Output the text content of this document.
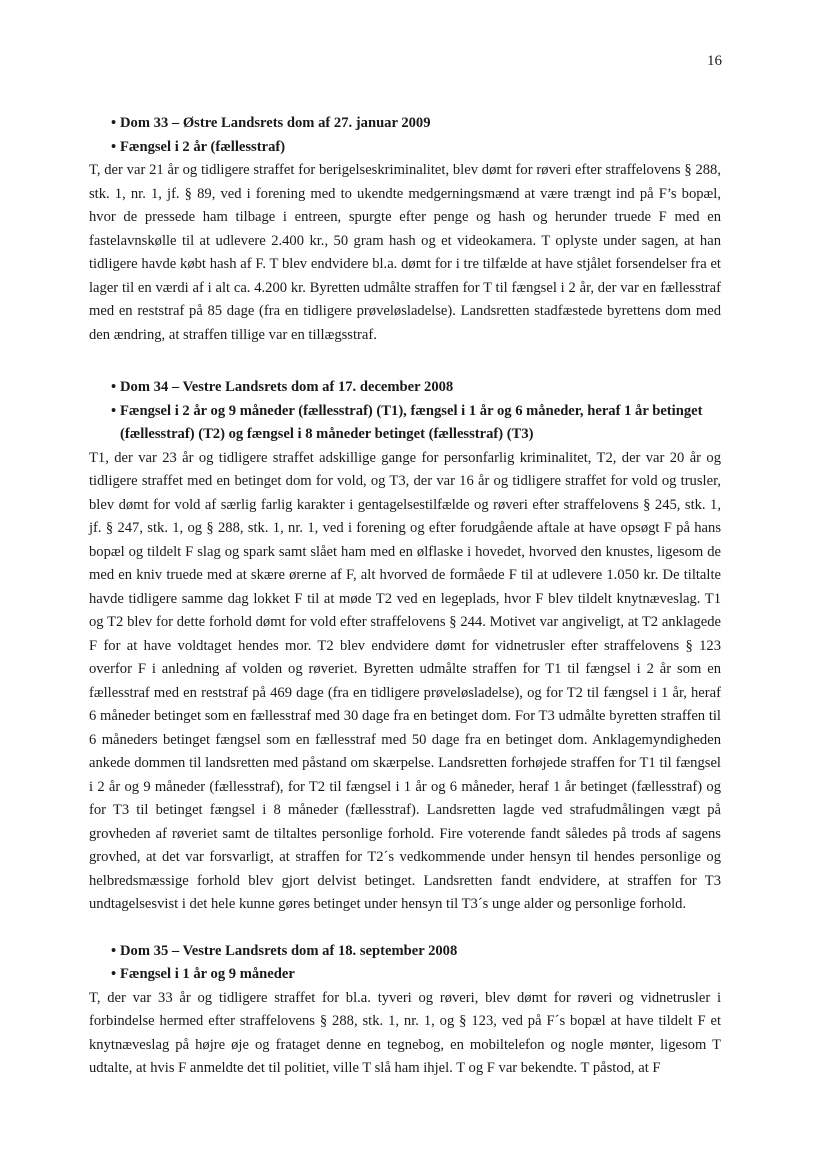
16
• Dom 33 – Østre Landsrets dom af 27. januar 2009
• Fængsel i 2 år (fællesstraf)

T, der var 21 år og tidligere straffet for berigelseskriminalitet, blev dømt for røveri efter straffelovens § 288, stk. 1, nr. 1, jf. § 89, ved i forening med to ukendte medgerningsmænd at være trængt ind på F’s bopæl, hvor de pressede ham tilbage i entreen, spurgte efter penge og hash og herunder truede F med en fastelavnskølle til at udlevere 2.400 kr., 50 gram hash og et videokamera. T oplyste under sagen, at han tidligere havde købt hash af F. T blev endvidere bl.a. dømt for i tre tilfælde at have stjålet forsendelser fra et lager til en værdi af i alt ca. 4.200 kr. Byretten udmålte straffen for T til fængsel i 2 år, der var en fællesstraf med en reststraf på 85 dage (fra en tidligere prøveløsladelse). Landsretten stadfæstede byrettens dom med den ændring, at straffen tillige var en tillægsstraf.

• Dom 34 – Vestre Landsrets dom af 17. december 2008
• Fængsel i 2 år og 9 måneder (fællesstraf) (T1), fængsel i 1 år og 6 måneder, heraf 1 år betinget (fællesstraf) (T2) og fængsel i 8 måneder betinget (fællesstraf) (T3)

T1, der var 23 år og tidligere straffet adskillige gange for personfarlig kriminalitet, T2, der var 20 år og tidligere straffet med en betinget dom for vold, og T3, der var 16 år og tidligere straffet for vold og trusler, blev dømt for vold af særlig farlig karakter i gentagelsestilfælde og røveri efter straffelovens § 245, stk. 1, jf. § 247, stk. 1, og § 288, stk. 1, nr. 1, ved i forening og efter forudgående aftale at have opsøgt F på hans bopæl og tildelt F slag og spark samt slået ham med en ølflaske i hovedet, hvorved den knustes, ligesom de med en kniv truede med at skære ørerne af F, alt hvorved de formåede F til at udlevere 1.050 kr. De tiltalte havde tidligere samme dag lokket F til at møde T2 ved en legeplads, hvor F blev tildelt knytnæveslag. T1 og T2 blev for dette forhold dømt for vold efter straffelovens § 244. Motivet var angiveligt, at T2 anklagede F for at have voldtaget hendes mor. T2 blev endvidere dømt for vidnetrusler efter straffelovens § 123 overfor F i anledning af volden og røveriet. Byretten udmålte straffen for T1 til fængsel i 2 år som en fællesstraf med en reststraf på 469 dage (fra en tidligere prøveløsladelse), og for T2 til fængsel i 1 år, heraf 6 måneder betinget som en fællesstraf med 30 dage fra en betinget dom. For T3 udmålte byretten straffen til 6 måneders betinget fængsel som en fællesstraf med 50 dage fra en betinget dom. Anklagemyndigheden ankede dommen til landsretten med påstand om skærpelse. Landsretten forhøjede straffen for T1 til fængsel i 2 år og 9 måneder (fællesstraf), for T2 til fængsel i 1 år og 6 måneder, heraf 1 år betinget (fællesstraf) og for T3 til betinget fængsel i 8 måneder (fællesstraf). Landsretten lagde ved strafudmålingen vægt på grovheden af røveriet samt de tiltaltes personlige forhold. Fire voterende fandt således på trods af sagens grovhed, at det var forsvarligt, at straffen for T2´s vedkommende under hensyn til hendes personlige og helbredsmæssige forhold blev gjort delvist betinget. Landsretten fandt endvidere, at straffen for T3 undtagelsesvist i det hele kunne gøres betinget under hensyn til T3´s unge alder og personlige forhold.

• Dom 35 – Vestre Landsrets dom af 18. september 2008
• Fængsel i 1 år og 9 måneder

T, der var 33 år og tidligere straffet for bl.a. tyveri og røveri, blev dømt for røveri og vidnetrusler i forbindelse hermed efter straffelovens § 288, stk. 1, nr. 1, og § 123, ved på F´s bopæl at have tildelt F et knytnæveslag på højre øje og frataget denne en tegnebog, en mobiltelefon og nogle mønter, ligesom T udtalte, at hvis F anmeldte det til politiet, ville T slå ham ihjel. T og F var bekendte. T påstod, at F
